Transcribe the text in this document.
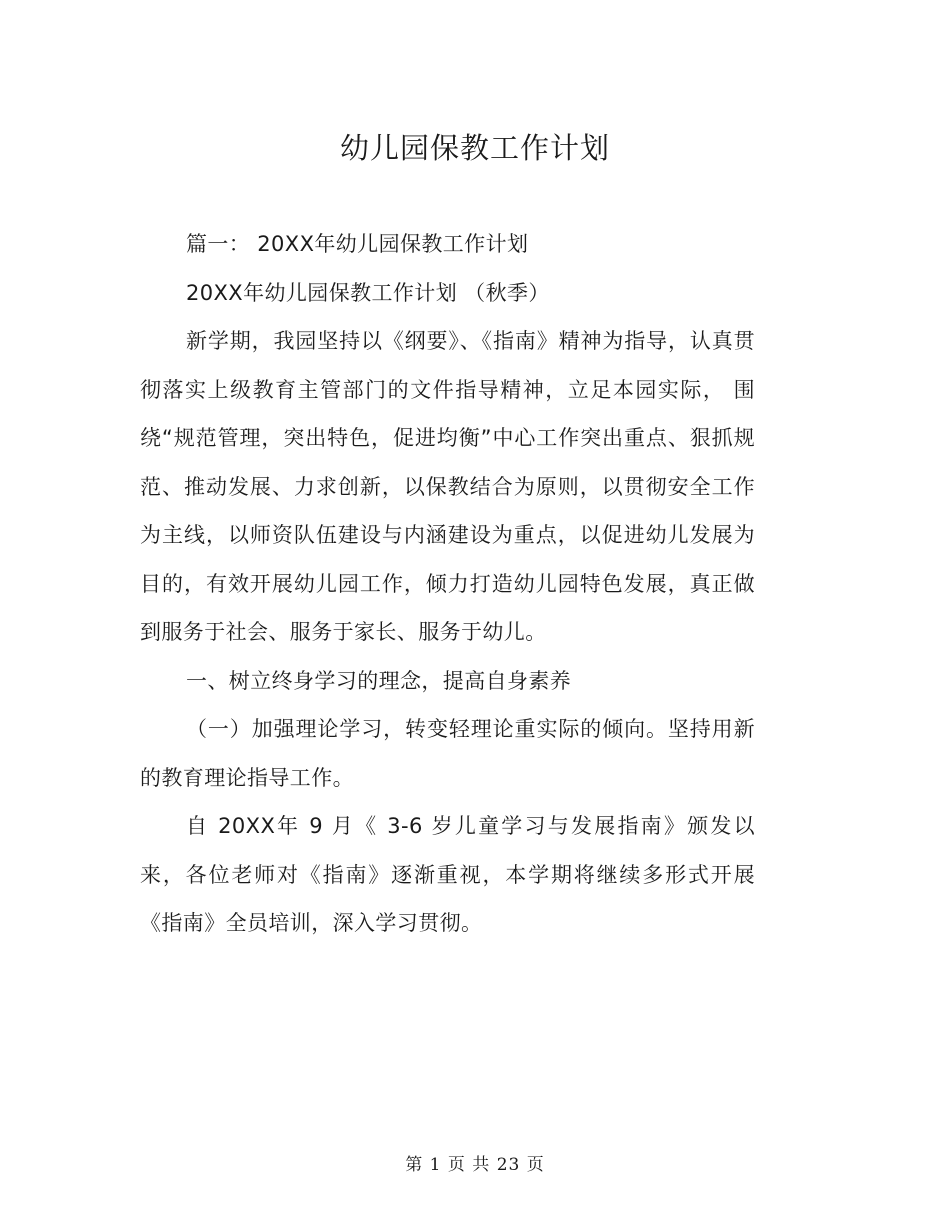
幼儿园保教工作计划

篇一： 20XX年幼儿园保教工作计划

20XX年幼儿园保教工作计划 （秋季）

新学期，我园坚持以《纲要》、《指南》精神为指导，认真贯彻落实上级教育主管部门的文件指导精神，立足本园实际， 围绕“规范管理，突出特色，促进均衡”中心工作突出重点、狠抓规范、推动发展、力求创新，以保教结合为原则，以贯彻安全工作为主线，以师资队伍建设与内涵建设为重点，以促进幼儿发展为目的，有效开展幼儿园工作，倾力打造幼儿园特色发展，真正做到服务于社会、服务于家长、服务于幼儿。

一、树立终身学习的理念，提高自身素养

（一）加强理论学习，转变轻理论重实际的倾向。坚持用新的教育理论指导工作。

自 20XX年 9 月《 3-6 岁儿童学习与发展指南》颁发以来，各位老师对《指南》逐渐重视，本学期将继续多形式开展《指南》全员培训，深入学习贯彻。

第 1 页 共 23 页
